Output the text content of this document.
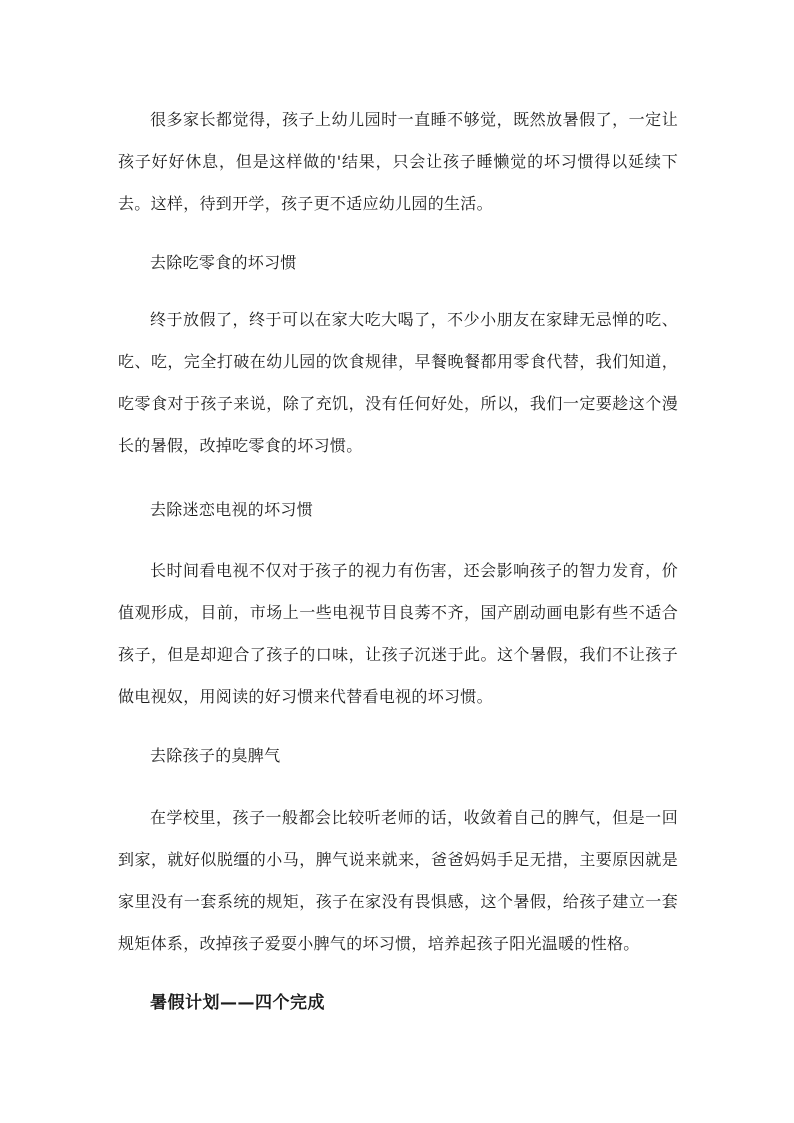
很多家长都觉得，孩子上幼儿园时一直睡不够觉，既然放暑假了，一定让孩子好好休息，但是这样做的'结果，只会让孩子睡懒觉的坏习惯得以延续下去。这样，待到开学，孩子更不适应幼儿园的生活。

去除吃零食的坏习惯

终于放假了，终于可以在家大吃大喝了，不少小朋友在家肆无忌惮的吃、吃、吃，完全打破在幼儿园的饮食规律，早餐晚餐都用零食代替，我们知道，吃零食对于孩子来说，除了充饥，没有任何好处，所以，我们一定要趁这个漫长的暑假，改掉吃零食的坏习惯。

去除迷恋电视的坏习惯

长时间看电视不仅对于孩子的视力有伤害，还会影响孩子的智力发育，价值观形成，目前，市场上一些电视节目良莠不齐，国产剧动画电影有些不适合孩子，但是却迎合了孩子的口味，让孩子沉迷于此。这个暑假，我们不让孩子做电视奴，用阅读的好习惯来代替看电视的坏习惯。

去除孩子的臭脾气

在学校里，孩子一般都会比较听老师的话，收敛着自己的脾气，但是一回到家，就好似脱缰的小马，脾气说来就来，爸爸妈妈手足无措，主要原因就是家里没有一套系统的规矩，孩子在家没有畏惧感，这个暑假，给孩子建立一套规矩体系，改掉孩子爱耍小脾气的坏习惯，培养起孩子阳光温暖的性格。

暑假计划——四个完成
